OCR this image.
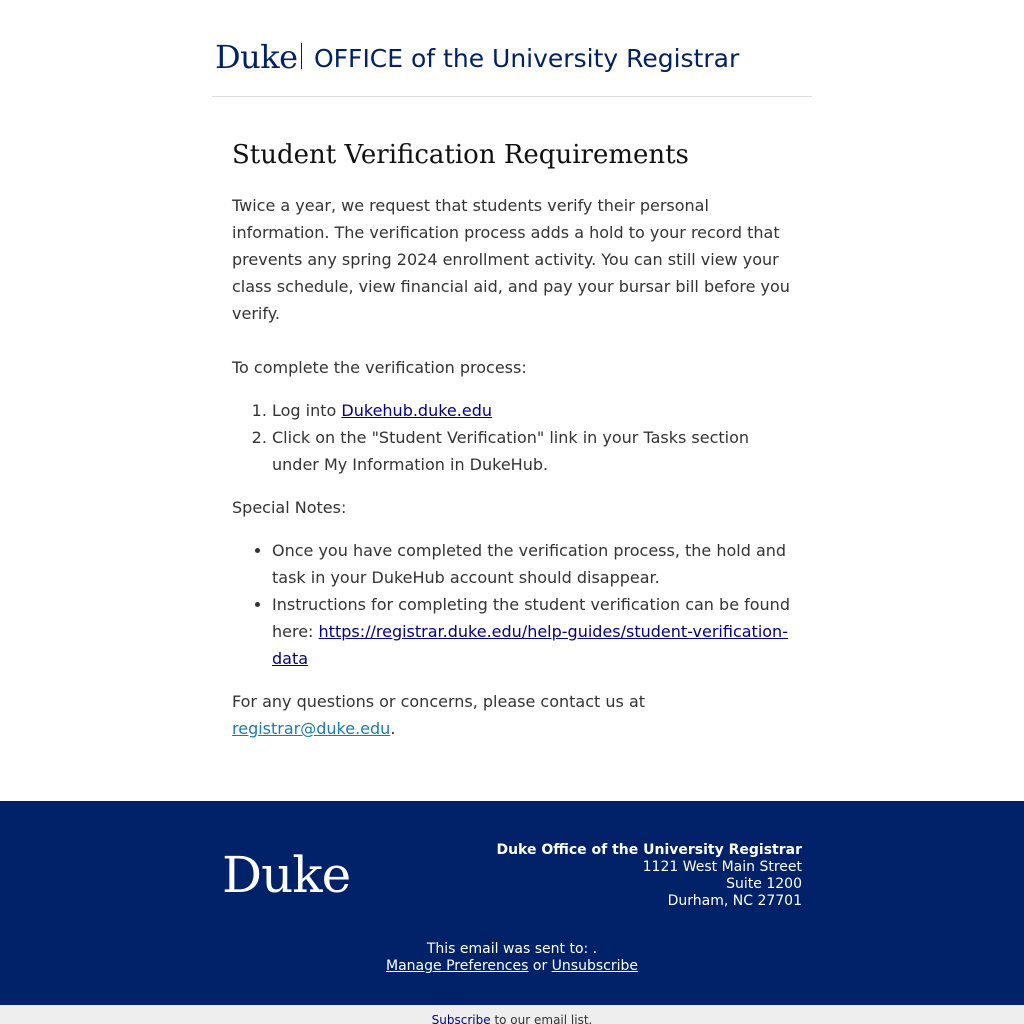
Duke OFFICE of the University Registrar
Student Verification Requirements

Twice a year, we request that students verify their personal information. The verification process adds a hold to your record that prevents any spring 2024 enrollment activity. You can still view your class schedule, view financial aid, and pay your bursar bill before you verify.

To complete the verification process:

1. Log into Dukehub.duke.edu
2. Click on the "Student Verification" link in your Tasks section under My Information in DukeHub.

Special Notes:

• Once you have completed the verification process, the hold and task in your DukeHub account should disappear.
• Instructions for completing the student verification can be found here: https://registrar.duke.edu/help-guides/student-verification-data

For any questions or concerns, please contact us at registrar@duke.edu.

Duke	Duke Office of the University Registrar
1121 West Main Street
Suite 1200
Durham, NC 27701
This email was sent to: .
Manage Preferences or Unsubscribe
Subscribe to our email list.
